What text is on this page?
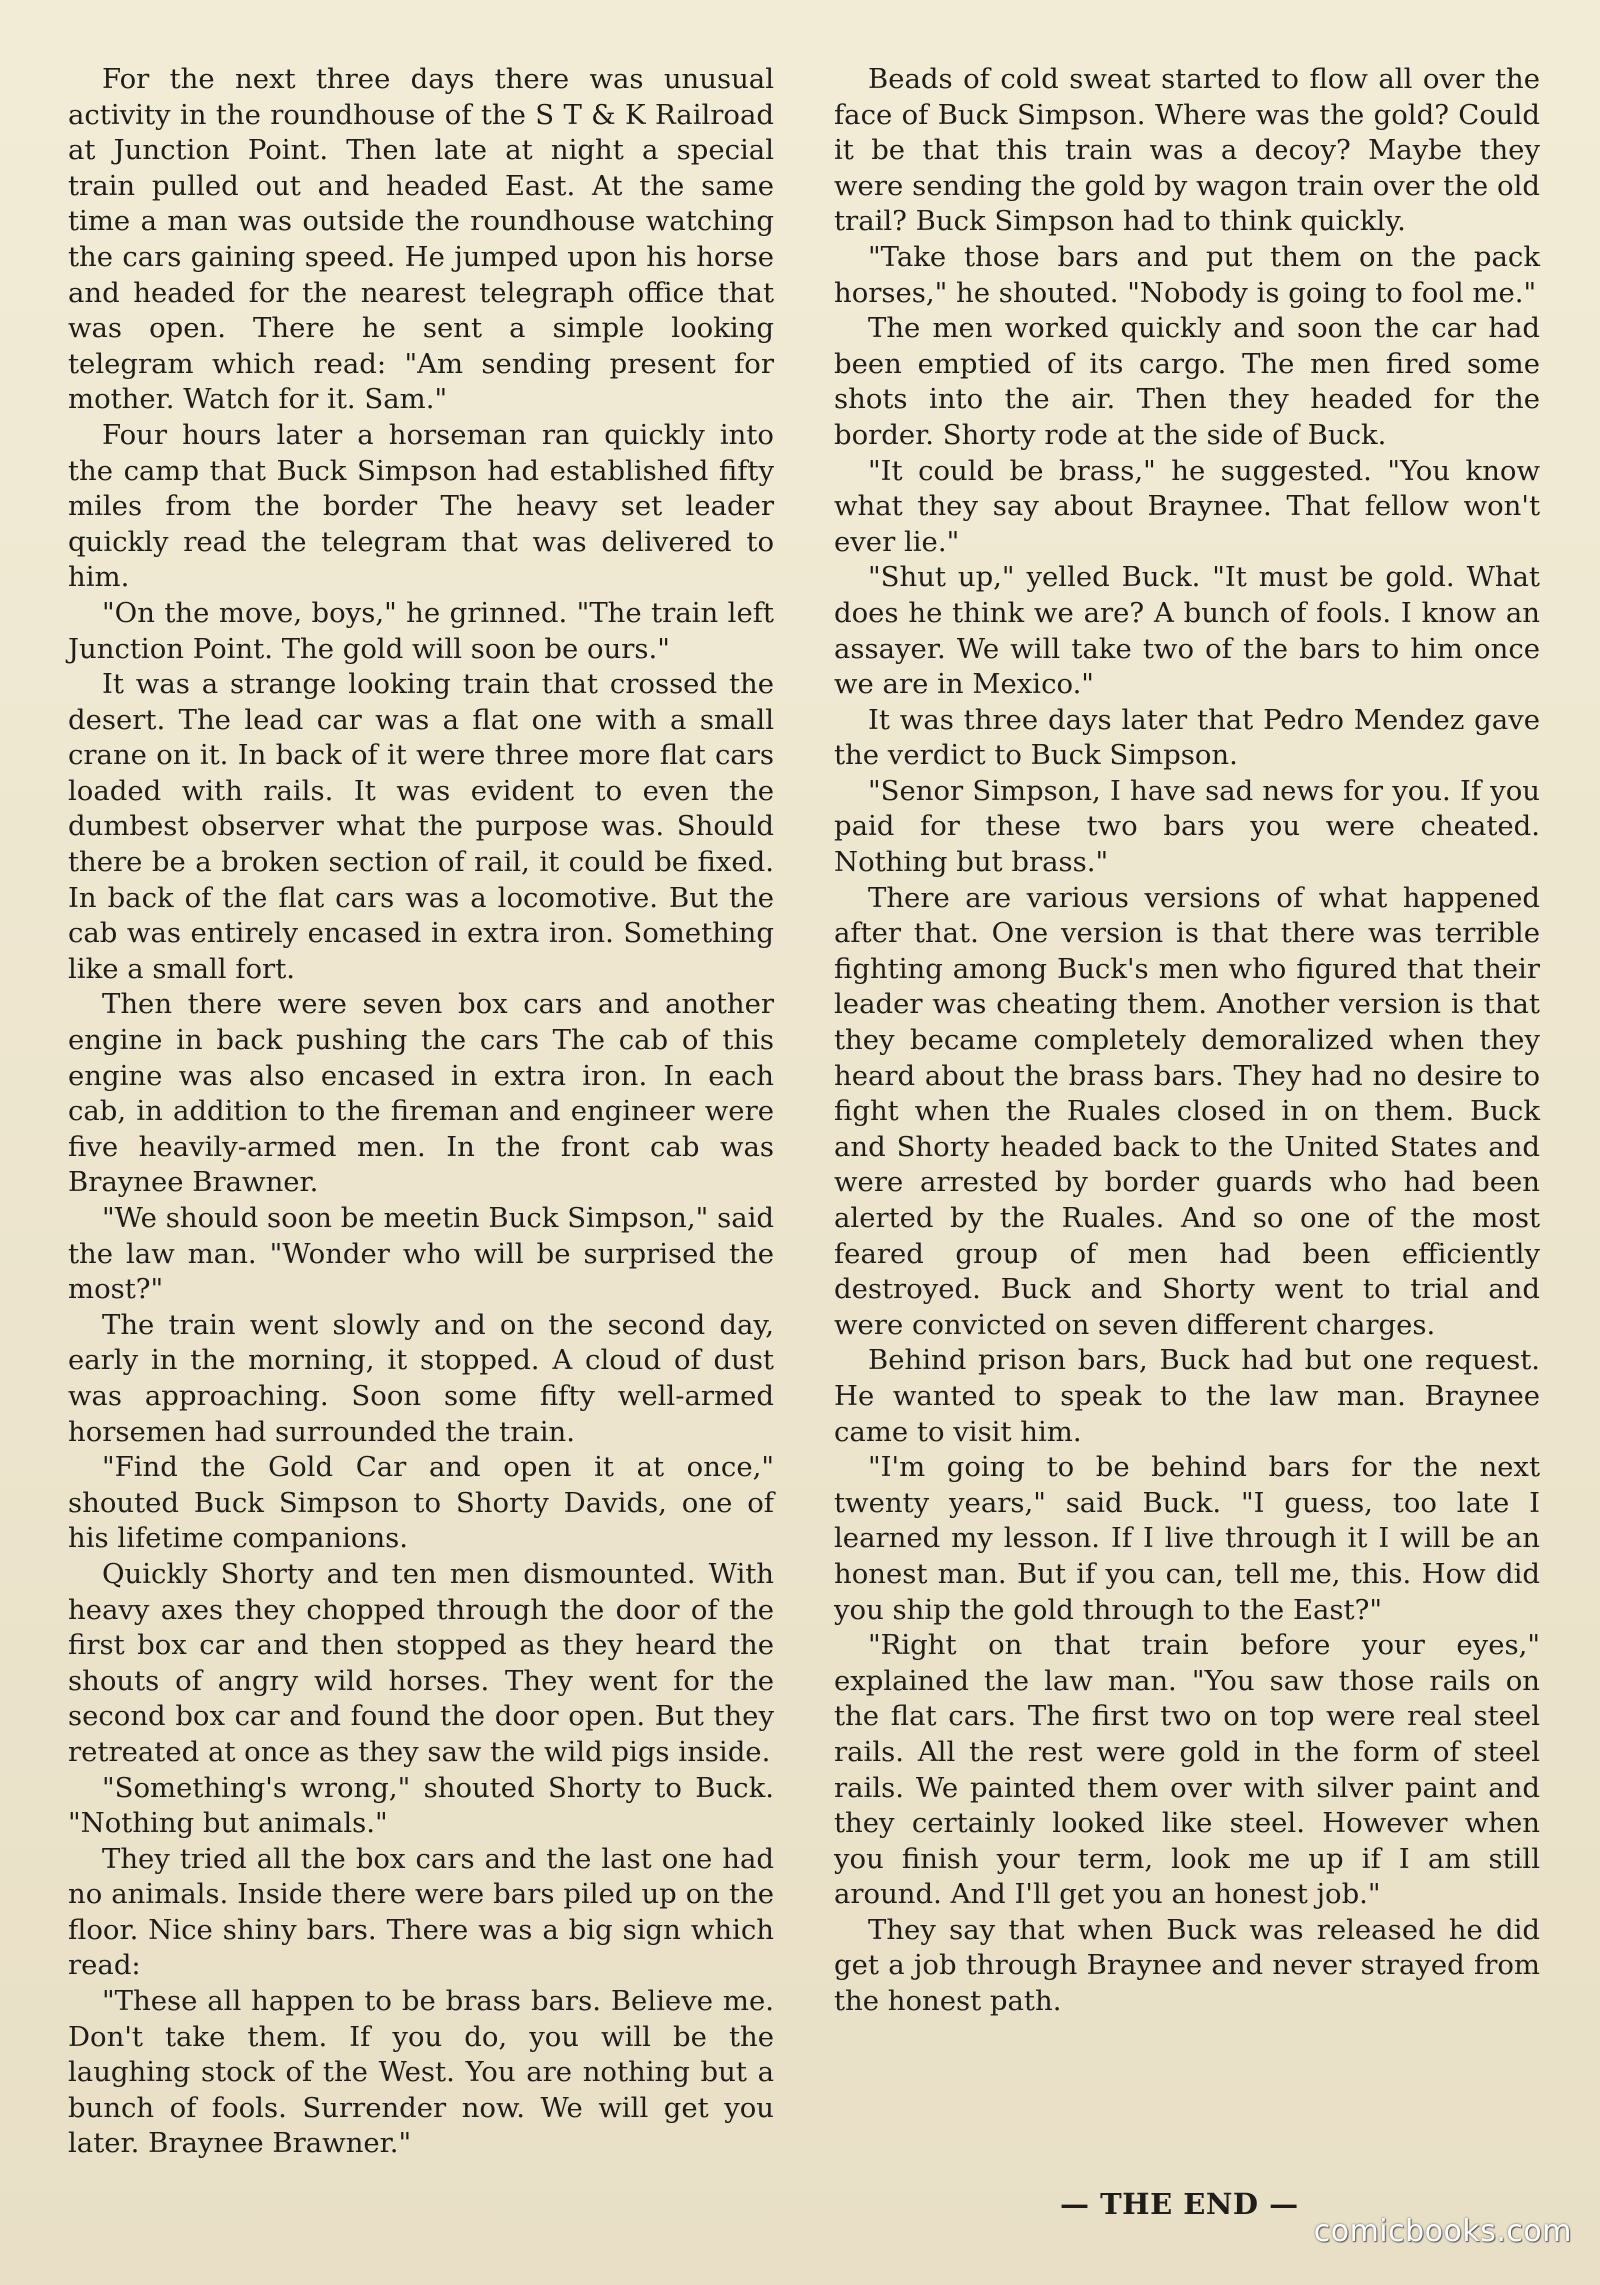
For the next three days there was unusual activity in the roundhouse of the S T & K Railroad at Junction Point. Then late at night a special train pulled out and headed East. At the same time a man was outside the roundhouse watching the cars gaining speed. He jumped upon his horse and headed for the nearest telegraph office that was open. There he sent a simple looking telegram which read: "Am sending present for mother. Watch for it. Sam."

Four hours later a horseman ran quickly into the camp that Buck Simpson had established fifty miles from the border The heavy set leader quickly read the telegram that was delivered to him.

"On the move, boys," he grinned. "The train left Junction Point. The gold will soon be ours."

It was a strange looking train that crossed the desert. The lead car was a flat one with a small crane on it. In back of it were three more flat cars loaded with rails. It was evident to even the dumbest observer what the purpose was. Should there be a broken section of rail, it could be fixed. In back of the flat cars was a locomotive. But the cab was entirely encased in extra iron. Something like a small fort.

Then there were seven box cars and another engine in back pushing the cars The cab of this engine was also encased in extra iron. In each cab, in addition to the fireman and engineer were five heavily-armed men. In the front cab was Braynee Brawner.

"We should soon be meetin Buck Simpson," said the law man. "Wonder who will be surprised the most?"

The train went slowly and on the second day, early in the morning, it stopped. A cloud of dust was approaching. Soon some fifty well-armed horsemen had surrounded the train.

"Find the Gold Car and open it at once," shouted Buck Simpson to Shorty Davids, one of his lifetime companions.

Quickly Shorty and ten men dismounted. With heavy axes they chopped through the door of the first box car and then stopped as they heard the shouts of angry wild horses. They went for the second box car and found the door open. But they retreated at once as they saw the wild pigs inside.

"Something's wrong," shouted Shorty to Buck. "Nothing but animals."

They tried all the box cars and the last one had no animals. Inside there were bars piled up on the floor. Nice shiny bars. There was a big sign which read:

"These all happen to be brass bars. Believe me. Don't take them. If you do, you will be the laughing stock of the West. You are nothing but a bunch of fools. Surrender now. We will get you later. Braynee Brawner."

Beads of cold sweat started to flow all over the face of Buck Simpson. Where was the gold? Could it be that this train was a decoy? Maybe they were sending the gold by wagon train over the old trail? Buck Simpson had to think quickly.

"Take those bars and put them on the pack horses," he shouted. "Nobody is going to fool me."

The men worked quickly and soon the car had been emptied of its cargo. The men fired some shots into the air. Then they headed for the border. Shorty rode at the side of Buck.

"It could be brass," he suggested. "You know what they say about Braynee. That fellow won't ever lie."

"Shut up," yelled Buck. "It must be gold. What does he think we are? A bunch of fools. I know an assayer. We will take two of the bars to him once we are in Mexico."

It was three days later that Pedro Mendez gave the verdict to Buck Simpson.

"Senor Simpson, I have sad news for you. If you paid for these two bars you were cheated. Nothing but brass."

There are various versions of what happened after that. One version is that there was terrible fighting among Buck's men who figured that their leader was cheating them. Another version is that they became completely demoralized when they heard about the brass bars. They had no desire to fight when the Ruales closed in on them. Buck and Shorty headed back to the United States and were arrested by border guards who had been alerted by the Ruales. And so one of the most feared group of men had been efficiently destroyed. Buck and Shorty went to trial and were convicted on seven different charges.

Behind prison bars, Buck had but one request. He wanted to speak to the law man. Braynee came to visit him.

"I'm going to be behind bars for the next twenty years," said Buck. "I guess, too late I learned my lesson. If I live through it I will be an honest man. But if you can, tell me, this. How did you ship the gold through to the East?"

"Right on that train before your eyes," explained the law man. "You saw those rails on the flat cars. The first two on top were real steel rails. All the rest were gold in the form of steel rails. We painted them over with silver paint and they certainly looked like steel. However when you finish your term, look me up if I am still around. And I'll get you an honest job."

They say that when Buck was released he did get a job through Braynee and never strayed from the honest path.

— THE END —
comicbooks.com
